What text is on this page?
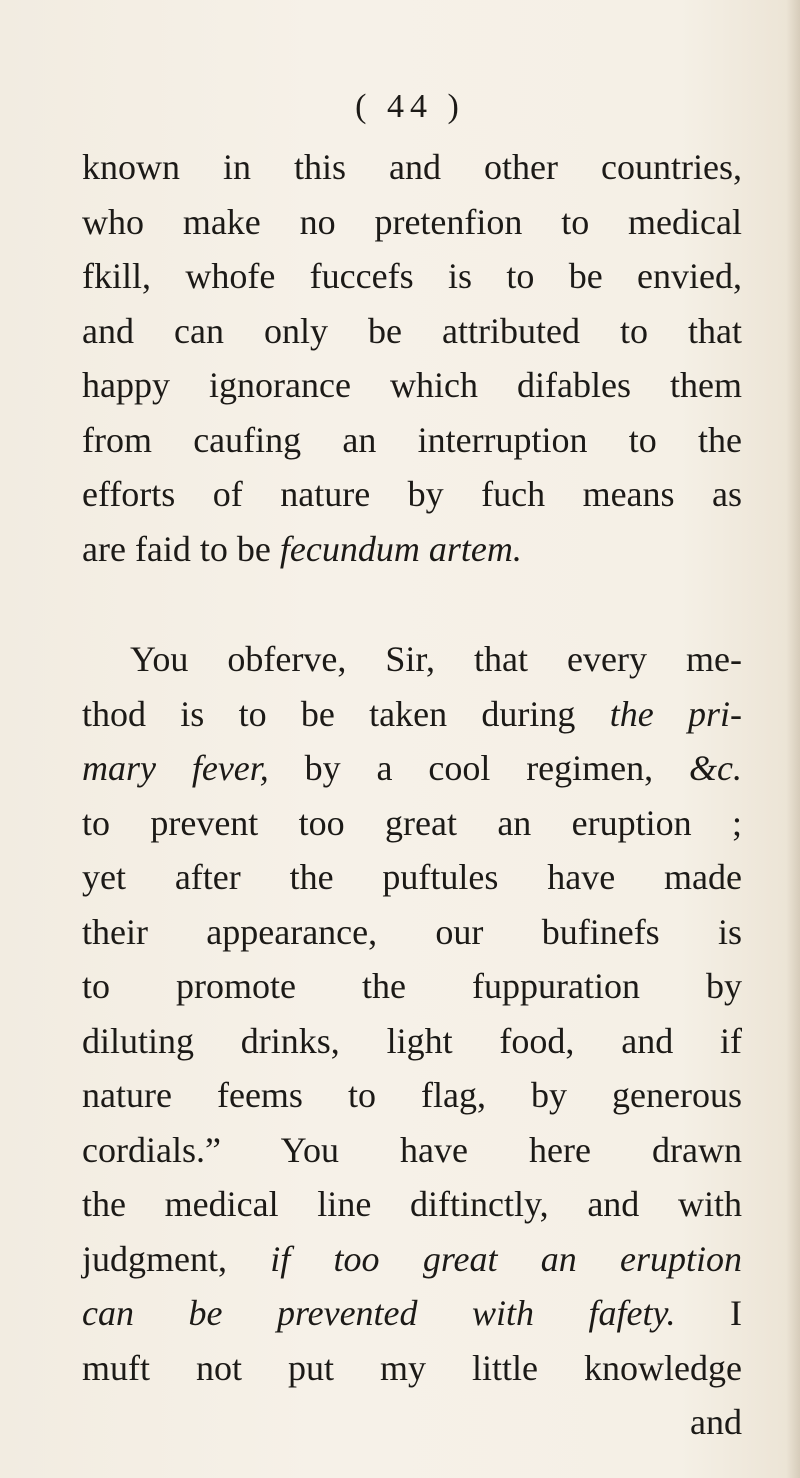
( 44 )
known in this and other countries,
who make no pretenfion to medical
fkill, whofe fuccefs is to be envied,
and can only be attributed to that
happy ignorance which difables them
from caufing an interruption to the
efforts of nature by fuch means as
are faid to be fecundum artem.
You obferve, Sir, that every me-
thod is to be taken during the pri-
mary fever, by a cool regimen, &c.
to prevent too great an eruption ;
yet after the puftules have made
their appearance, our bufinefs is
to promote the fuppuration by
diluting drinks, light food, and if
nature feems to flag, by generous
cordials.” You have here drawn
the medical line diftinctly, and with
judgment, if too great an eruption
can be prevented with fafety. I
muft not put my little knowledge
and
